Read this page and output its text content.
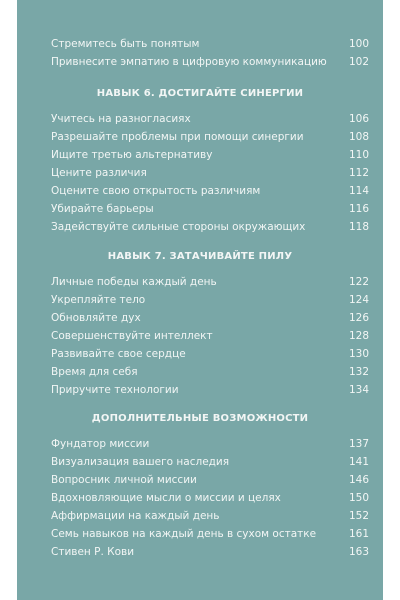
Стремитесь быть понятым	100
Привнесите эмпатию в цифровую коммуникацию 102
НАВЫК 6. ДОСТИГАЙТЕ СИНЕРГИИ
Учитесь на разногласиях	106
Разрешайте проблемы при помощи синергии	108
Ищите третью альтернативу	110
Цените различия	112
Оцените свою открытость различиям	114
Убирайте барьеры	116
Задействуйте сильные стороны окружающих	118
НАВЫК 7. ЗАТАЧИВАЙТЕ ПИЛУ
Личные победы каждый день	122
Укрепляйте тело	124
Обновляйте дух	126
Совершенствуйте интеллект	128
Развивайте свое сердце	130
Время для себя	132
Приручите технологии	134
ДОПОЛНИТЕЛЬНЫЕ ВОЗМОЖНОСТИ
Фундатор миссии	137
Визуализация вашего наследия	141
Вопросник личной миссии	146
Вдохновляющие мысли о миссии и целях	150
Аффирмации на каждый день	152
Семь навыков на каждый день в сухом остатке	161
Стивен Р. Кови	163
